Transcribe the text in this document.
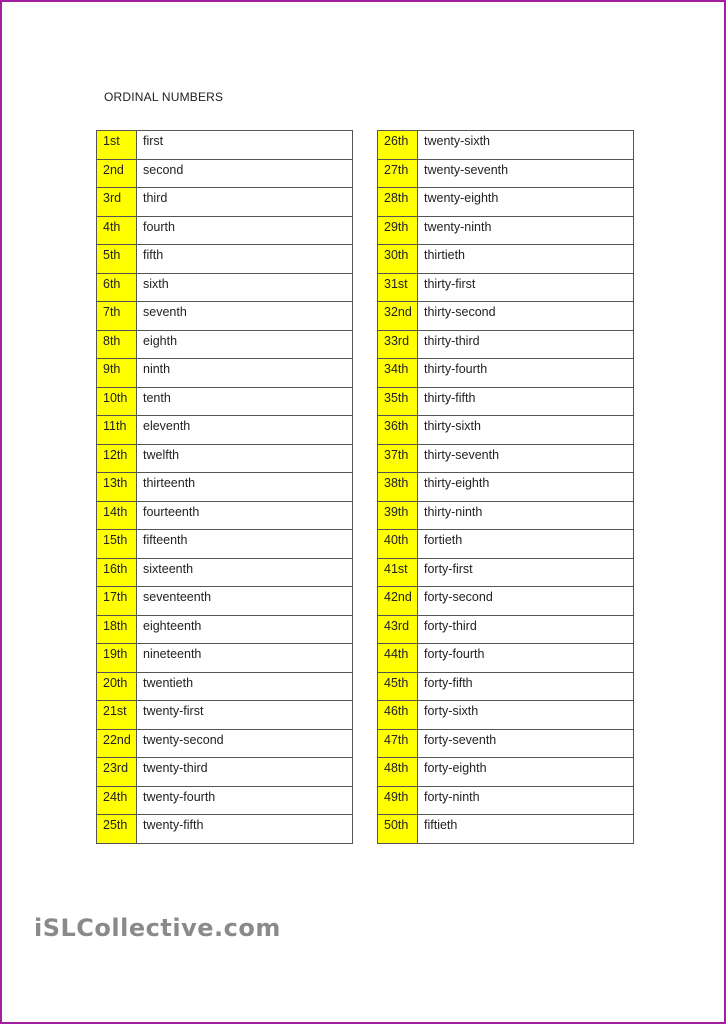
ORDINAL NUMBERS
1st	first
2nd	second
3rd	third
4th	fourth
5th	fifth
6th	sixth
7th	seventh
8th	eighth
9th	ninth
10th	tenth
11th	eleventh
12th	twelfth
13th	thirteenth
14th	fourteenth
15th	fifteenth
16th	sixteenth
17th	seventeenth
18th	eighteenth
19th	nineteenth
20th	twentieth
21st	twenty-first
22nd	twenty-second
23rd	twenty-third
24th	twenty-fourth
25th	twenty-fifth
26th	twenty-sixth
27th	twenty-seventh
28th	twenty-eighth
29th	twenty-ninth
30th	thirtieth
31st	thirty-first
32nd	thirty-second
33rd	thirty-third
34th	thirty-fourth
35th	thirty-fifth
36th	thirty-sixth
37th	thirty-seventh
38th	thirty-eighth
39th	thirty-ninth
40th	fortieth
41st	forty-first
42nd	forty-second
43rd	forty-third
44th	forty-fourth
45th	forty-fifth
46th	forty-sixth
47th	forty-seventh
48th	forty-eighth
49th	forty-ninth
50th	fiftieth
iSLCollective.com
